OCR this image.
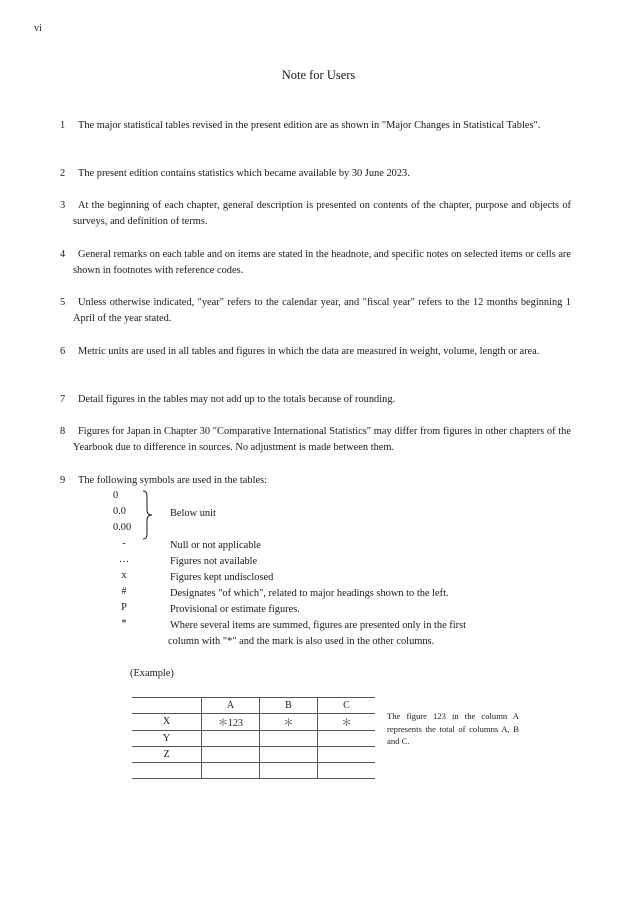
vi
Note for Users
1	The major statistical tables revised in the present edition are as shown in "Major Changes in Statistical Tables".
2	The present edition contains statistics which became available by 30 June 2023.
3	At the beginning of each chapter, general description is presented on contents of the chapter, purpose and objects of surveys, and definition of terms.
4	General remarks on each table and on items are stated in the headnote, and specific notes on selected items or cells are shown in footnotes with reference codes.
5	Unless otherwise indicated, "year" refers to the calendar year, and "fiscal year" refers to the 12 months beginning 1 April of the year stated.
6	Metric units are used in all tables and figures in which the data are measured in weight, volume, length or area.
7	Detail figures in the tables may not add up to the totals because of rounding.
8	Figures for Japan in Chapter 30 "Comparative International Statistics" may differ from figures in other chapters of the Yearbook due to difference in sources. No adjustment is made between them.
9	The following symbols are used in the tables:
0
0.0
0.00
Below unit
-	Null or not applicable
…	Figures not available
x	Figures kept undisclosed
#	Designates "of which", related to major headings shown to the left.
P	Provisional or estimate figures.
*	Where several items are summed, figures are presented only in the first
column with "*" and the mark is also used in the other columns.
(Example)
	A	B	C
X	＊123	＊	＊
Y			
Z			

The figure 123 in the column A represents the total of columns A, B and C.
